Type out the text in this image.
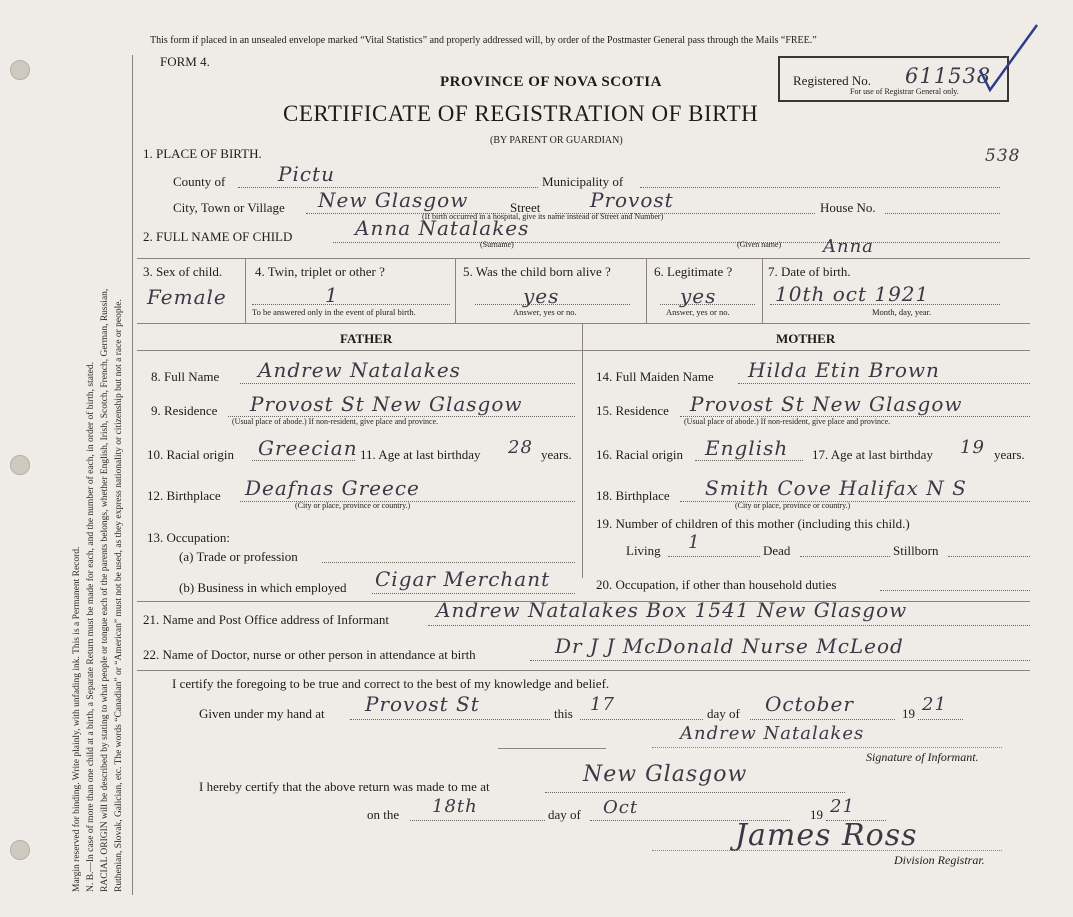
Margin reserved for binding. Write plainly, with unfading ink. This is a Permanent Record. N. B.—In case of more than one child at a birth, a Separate Return must be made for each, and the number of each, in order of birth, stated. RACIAL ORIGIN will be described by stating to what people or tongue each of the parents belongs, whether English, Irish, Scotch, French, German, Russian, Ruthenian, Slovak, Galician, etc. The words “Canadian” or “American” must not be used, as they express nationality or citizenship but not a race or people.
This form if placed in an unsealed envelope marked “Vital Statistics” and properly addressed will, by order of the Postmaster General pass through the Mails “FREE.”
FORM 4.
PROVINCE OF NOVA SCOTIA
CERTIFICATE OF REGISTRATION OF BIRTH
(BY PARENT OR GUARDIAN)
Registered No. 611538
For use of Registrar General only.
538
1. PLACE OF BIRTH.
County of	Pictu	Municipality of
City, Town or Village New Glasgow	Street Provost	House No.
(If birth occurred in a hospital, give its name instead of Street and Number)
2. FULL NAME OF CHILD	Anna Natalakes
(Surname)	(Given name) Anna
3. Sex of child.
Female
4. Twin, triplet or other ?
1
To be answered only in the event of plural birth.
5. Was the child born alive ?
yes
Answer, yes or no.
6. Legitimate ?
yes
Answer, yes or no.
7. Date of birth.
10th oct 1921
Month, day, year.
FATHER	MOTHER
8. Full Name Andrew Natalakes
9. Residence Provost St New Glasgow
(Usual place of abode.) If non-resident, give place and province.
10. Racial origin Greecian 11. Age at last birthday 28 years.
12. Birthplace Deafnas Greece
(City or place, province or country.)
13. Occupation:
(a) Trade or profession
(b) Business in which employed Cigar Merchant
14. Full Maiden Name Hilda Etin Brown
15. Residence Provost St New Glasgow
(Usual place of abode.) If non-resident, give place and province.
16. Racial origin English 17. Age at last birthday 19 years.
18. Birthplace Smith Cove Halifax N S
(City or place, province or country.)
19. Number of children of this mother (including this child.)
Living 1	Dead	Stillborn
20. Occupation, if other than household duties
21. Name and Post Office address of Informant Andrew Natalakes Box 1541 New Glasgow
22. Name of Doctor, nurse or other person in attendance at birth	Dr J J McDonald Nurse McLeod
I certify the foregoing to be true and correct to the best of my knowledge and belief.
Given under my hand at Provost St	this 17	day of October	19 21
Andrew Natalakes
Signature of Informant.
I hereby certify that the above return was made to me at	New Glasgow
on the 18th	day of Oct	19 21
James Ross
Division Registrar.
